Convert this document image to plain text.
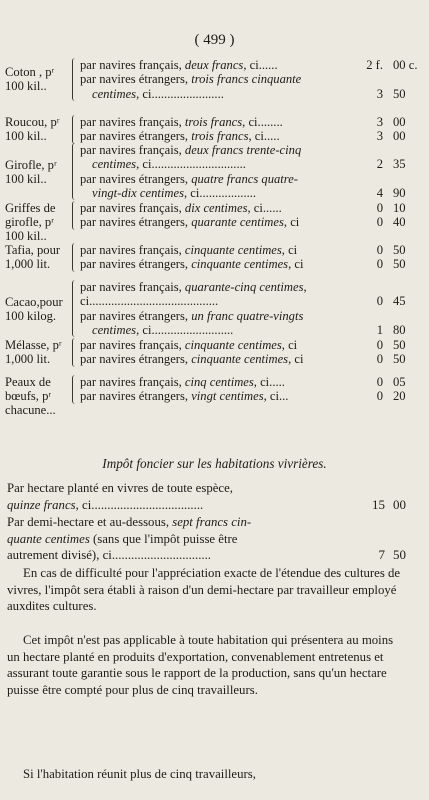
( 499 )
Coton , pʳ 100 kil..
par navires français, deux francs, ci......	2 f. 00 c.
par navires étrangers, trois francs cinquante
centimes, ci.......................	3 50
Roucou, pʳ 100 kil..
par navires français, trois francs, ci........	3 00
par navires étrangers, trois francs, ci.....	3 00
Girofle, pʳ 100 kil..
par navires français, deux francs trente-cinq
centimes, ci..............................	2 35
par navires étrangers, quatre francs quatre-
vingt-dix centimes, ci..................	4 90
Griffes de girofle, pʳ 100 kil..
par navires français, dix centimes, ci......	0 10
par navires étrangers, quarante centimes, ci	0 40
Tafia, pour 1,000 lit.
par navires français, cinquante centimes, ci	0 50
par navires étrangers, cinquante centimes, ci	0 50
Cacao,pour 100 kilog.
par navires français, quarante-cinq centimes,
ci.........................................	0 45
par navires étrangers, un franc quatre-vingts
centimes, ci..........................	1 80
Mélasse, pʳ 1,000 lit.
par navires français, cinquante centimes, ci	0 50
par navires étrangers, cinquante centimes, ci	0 50
Peaux de bœufs, pʳ chacune...
par navires français, cinq centimes, ci.....	0 05
par navires étrangers, vingt centimes, ci...	0 20
Impôt foncier sur les habitations vivrières.
Par hectare planté en vivres de toute espèce,
quinze francs, ci...................................	15 00
Par demi-hectare et au-dessous, sept francs cin-
quante centimes (sans que l'impôt puisse être
autrement divisé), ci...............................	7 50
En cas de difficulté pour l'appréciation exacte de l'étendue des cultures de vivres, l'impôt sera établi à raison d'un demi-hectare par travailleur employé auxdites cultures.
Cet impôt n'est pas applicable à toute habitation qui présentera au moins un hectare planté en produits d'exportation, convenablement entretenus et assurant toute garantie sous le rapport de la production, sans qu'un hectare puisse être compté pour plus de cinq travailleurs.
Si l'habitation réunit plus de cinq travailleurs,
